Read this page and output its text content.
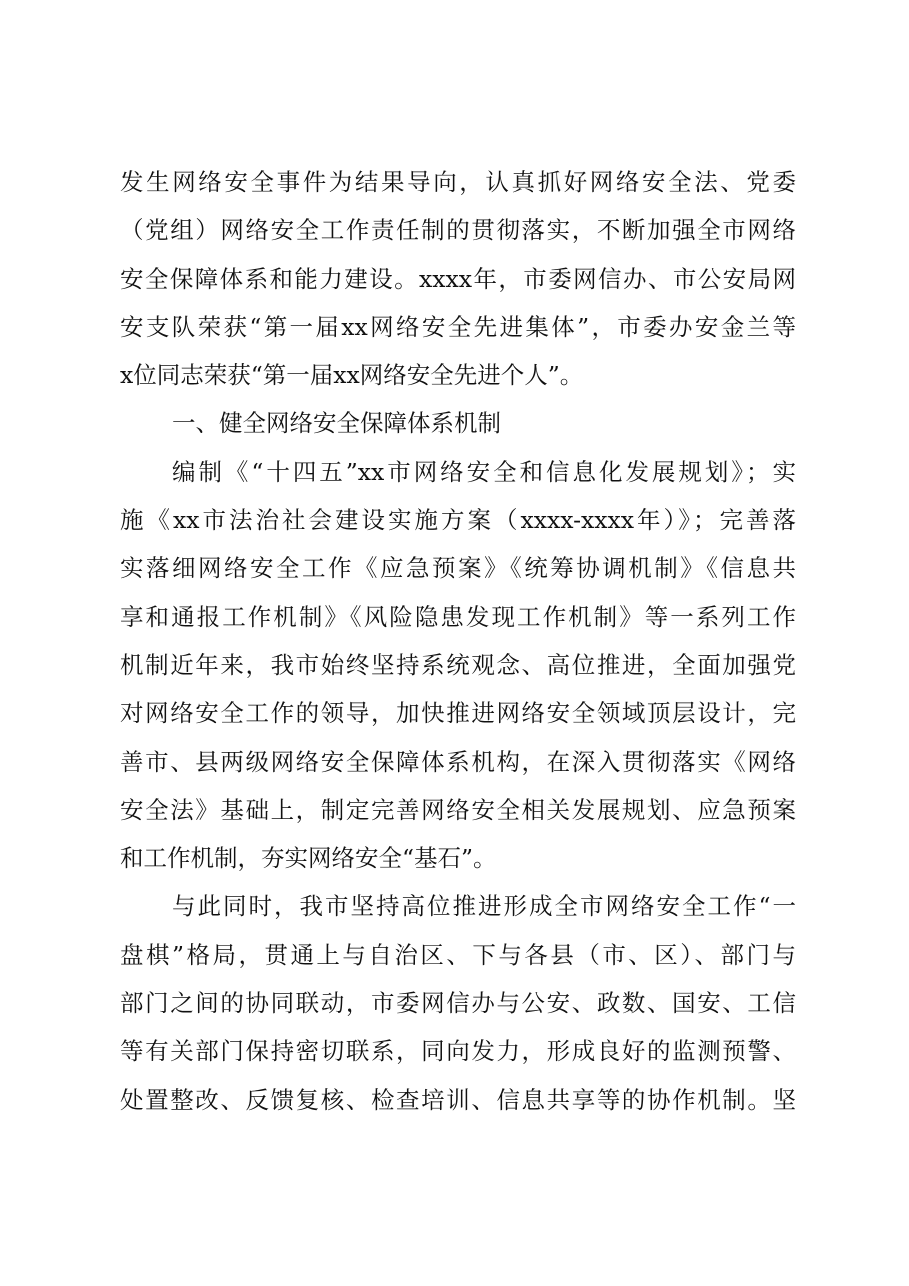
发生网络安全事件为结果导向，认真抓好网络安全法、党委
（党组）网络安全工作责任制的贯彻落实，不断加强全市网络
安全保障体系和能力建设。xxxx年，市委网信办、市公安局网
安支队荣获“第一届xx网络安全先进集体”，市委办安金兰等
x位同志荣获“第一届xx网络安全先进个人”。

一、健全网络安全保障体系机制

编制《“十四五”xx市网络安全和信息化发展规划》；实
施《xx市法治社会建设实施方案（xxxx-xxxx年）》；完善落
实落细网络安全工作《应急预案》《统筹协调机制》《信息共
享和通报工作机制》《风险隐患发现工作机制》等一系列工作
机制近年来，我市始终坚持系统观念、高位推进，全面加强党
对网络安全工作的领导，加快推进网络安全领域顶层设计，完
善市、县两级网络安全保障体系机构，在深入贯彻落实《网络
安全法》基础上，制定完善网络安全相关发展规划、应急预案
和工作机制，夯实网络安全“基石”。

与此同时，我市坚持高位推进形成全市网络安全工作“一
盘棋”格局，贯通上与自治区、下与各县（市、区）、部门与
部门之间的协同联动，市委网信办与公安、政数、国安、工信
等有关部门保持密切联系，同向发力，形成良好的监测预警、
处置整改、反馈复核、检查培训、信息共享等的协作机制。坚
